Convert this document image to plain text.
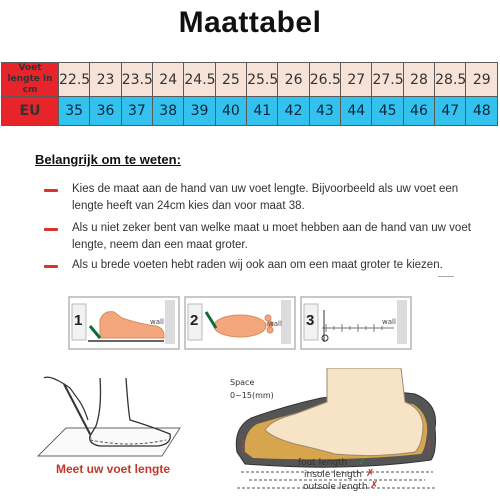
Maattabel
Voet lengte in cm	22.5	23	23.5	24	24.5	25	25.5	26	26.5	27	27.5	28	28.5	29
EU	35	36	37	38	39	40	41	42	43	44	45	46	47	48
Belangrijk om te weten:
Kies de maat aan de hand van uw voet lengte. Bijvoorbeeld als uw voet een lengte heeft van 24cm kies dan voor maat 38.
Als u niet zeker bent van welke maat u moet hebben aan de hand van uw voet lengte, neem dan een maat groter.
Als u brede voeten hebt raden wij ook aan om een maat groter te kiezen.
1	wall 2	wall 3	wall
Meet uw voet lengte
Space
0~15(mm)
foot length ✓
insole length ✗
outsole length ✗
